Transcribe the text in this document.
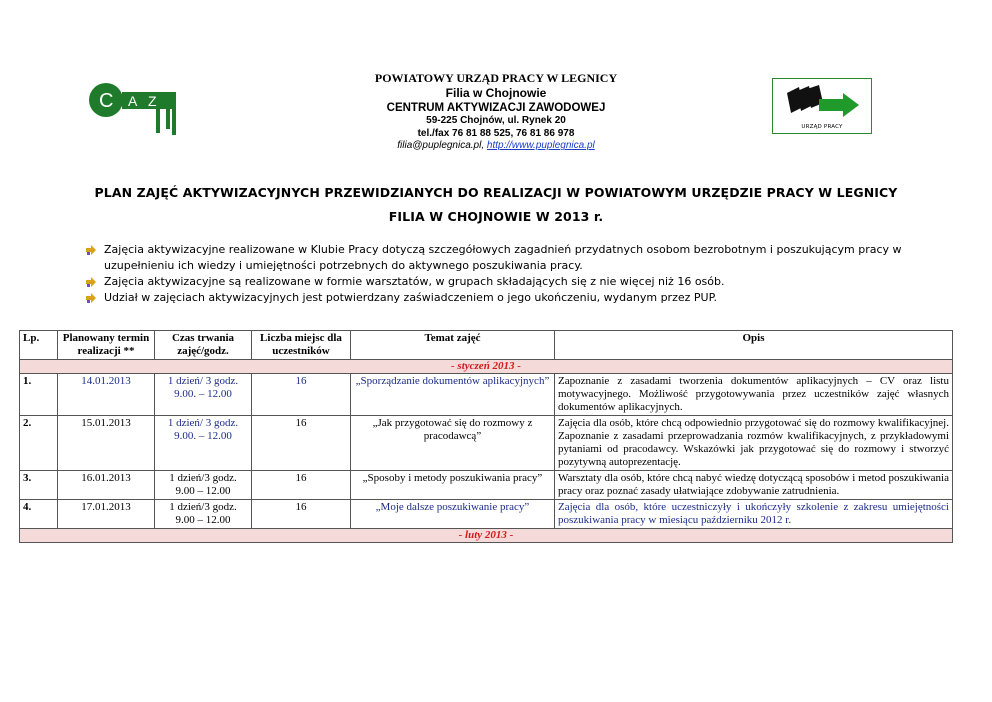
C A Z
URZĄD PRACY
POWIATOWY URZĄD PRACY W LEGNICY
Filia w Chojnowie
CENTRUM AKTYWIZACJI ZAWODOWEJ
59-225 Chojnów, ul. Rynek 20
tel./fax 76 81 88 525, 76 81 86 978
filia@puplegnica.pl, http://www.puplegnica.pl
PLAN ZAJĘĆ AKTYWIZACYJNYCH PRZEWIDZIANYCH DO REALIZACJI W POWIATOWYM URZĘDZIE PRACY W LEGNICY
FILIA W CHOJNOWIE W 2013 r.
Zajęcia aktywizacyjne realizowane w Klubie Pracy dotyczą szczegółowych zagadnień przydatnych osobom bezrobotnym i poszukującym pracy w uzupełnieniu ich wiedzy i umiejętności potrzebnych do aktywnego poszukiwania pracy.
Zajęcia aktywizacyjne są realizowane w formie warsztatów, w grupach składających się z nie więcej niż 16 osób.
Udział w zajęciach aktywizacyjnych jest potwierdzany zaświadczeniem o jego ukończeniu, wydanym przez PUP.
Lp.	Planowany termin realizacji **	Czas trwania zajęć/godz.	Liczba miejsc dla uczestników	Temat zajęć	Opis
- styczeń 2013 -					
1.	14.01.2013	1 dzień/ 3 godz.
9.00. – 12.00	16	„Sporządzanie dokumentów aplikacyjnych”	Zapoznanie z zasadami tworzenia dokumentów aplikacyjnych – CV oraz listu motywacyjnego. Możliwość przygotowywania przez uczestników zajęć własnych dokumentów aplikacyjnych.
2.	15.01.2013	1 dzień/ 3 godz.
9.00. – 12.00	16	„Jak przygotować się do rozmowy z pracodawcą”	Zajęcia dla osób, które chcą odpowiednio przygotować się do rozmowy kwalifikacyjnej. Zapoznanie z zasadami przeprowadzania rozmów kwalifikacyjnych, z przykładowymi pytaniami od pracodawcy. Wskazówki jak przygotować się do rozmowy i stworzyć pozytywną autoprezentację.
3.	16.01.2013	1 dzień/3 godz.
9.00 – 12.00	16	„Sposoby i metody poszukiwania pracy”	Warsztaty dla osób, które chcą nabyć wiedzę dotyczącą sposobów i metod poszukiwania pracy oraz poznać zasady ułatwiające zdobywanie zatrudnienia.
4.	17.01.2013	1 dzień/3 godz.
9.00 – 12.00	16	„Moje dalsze poszukiwanie pracy”	Zajęcia dla osób, które uczestniczyły i ukończyły szkolenie z zakresu umiejętności poszukiwania pracy w miesiącu październiku 2012 r.
- luty 2013 -					
